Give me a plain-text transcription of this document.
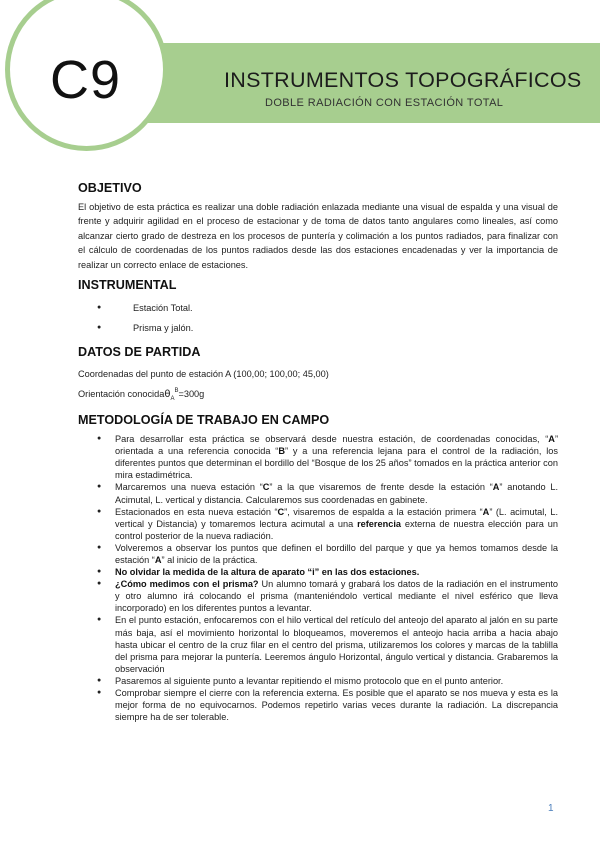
C9	INSTRUMENTOS TOPOGRÁFICOS
DOBLE RADIACIÓN CON ESTACIÓN TOTAL
OBJETIVO

El objetivo de esta práctica es realizar una doble radiación enlazada mediante una visual de espalda y una visual de frente y adquirir agilidad en el proceso de estacionar y de toma de datos tanto angulares como lineales, así como alcanzar cierto grado de destreza en los procesos de puntería y colimación a los puntos radiados, para finalizar con el cálculo de coordenadas de los puntos radiados desde las dos estaciones encadenadas y ver la importancia de realizar un correcto enlace de estaciones.

INSTRUMENTAL
● Estación Total.
● Prisma y jalón.
DATOS DE PARTIDA

Coordenadas del punto de estación A (100,00; 100,00; 45,00)

Orientación conocidaθ$_A^B$=300g

METODOLOGÍA DE TRABAJO EN CAMPO
● Para desarrollar esta práctica se observará desde nuestra estación, de coordenadas conocidas, “A” orientada a una referencia conocida “B” y a una referencia lejana para el control de la radiación, los diferentes puntos que determinan el bordillo del “Bosque de los 25 años” tomados en la práctica anterior con mira estadimétrica.
● Marcaremos una nueva estación “C” a la que visaremos de frente desde la estación “A” anotando L. Acimutal, L. vertical y distancia. Calcularemos sus coordenadas en gabinete.
● Estacionados en esta nueva estación “C”, visaremos de espalda a la estación primera “A” (L. acimutal, L. vertical y Distancia) y tomaremos lectura acimutal a una referencia externa de nuestra elección para un control posterior de la nueva radiación.
● Volveremos a observar los puntos que definen el bordillo del parque y que ya hemos tomamos desde la estación “A” al inicio de la práctica.
● No olvidar la medida de la altura de aparato “i” en las dos estaciones.
● ¿Cómo medimos con el prisma? Un alumno tomará y grabará los datos de la radiación en el instrumento y otro alumno irá colocando el prisma (manteniéndolo vertical mediante el nivel esférico que lleva incorporado) en los diferentes puntos a levantar.
● En el punto estación, enfocaremos con el hilo vertical del retículo del anteojo del aparato al jalón en su parte más baja, así el movimiento horizontal lo bloqueamos, moveremos el anteojo hacia arriba a hacia abajo hasta ubicar el centro de la cruz filar en el centro del prisma, utilizaremos los colores y marcas de la tablilla del prisma para mejorar la puntería. Leeremos ángulo Horizontal, ángulo vertical y distancia. Grabaremos la observación
● Pasaremos al siguiente punto a levantar repitiendo el mismo protocolo que en el punto anterior.
● Comprobar siempre el cierre con la referencia externa. Es posible que el aparato se nos mueva y esta es la mejor forma de no equivocarnos. Podemos repetirlo varias veces durante la radiación. La discrepancia siempre ha de ser tolerable.
1
